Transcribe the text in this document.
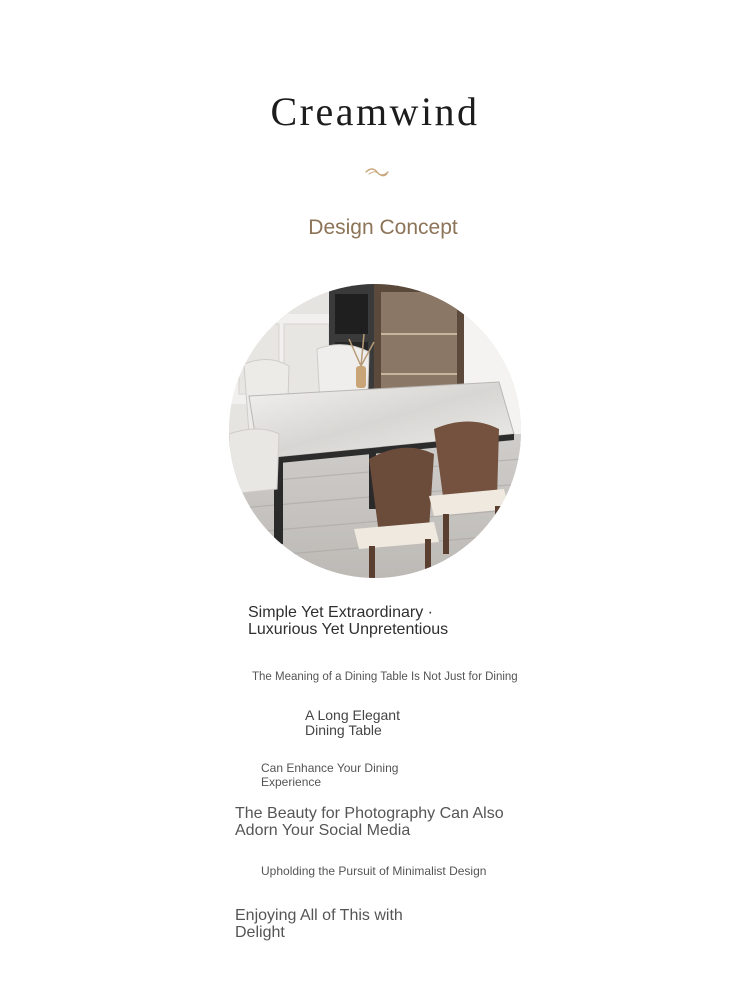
Creamwind
Design Concept
Simple Yet Extraordinary ·
Luxurious Yet Unpretentious
The Meaning of a Dining Table Is Not Just for Dining
A Long Elegant
Dining Table
Can Enhance Your Dining
Experience
The Beauty for Photography Can Also
Adorn Your Social Media
Upholding the Pursuit of Minimalist Design
Enjoying All of This with
Delight
